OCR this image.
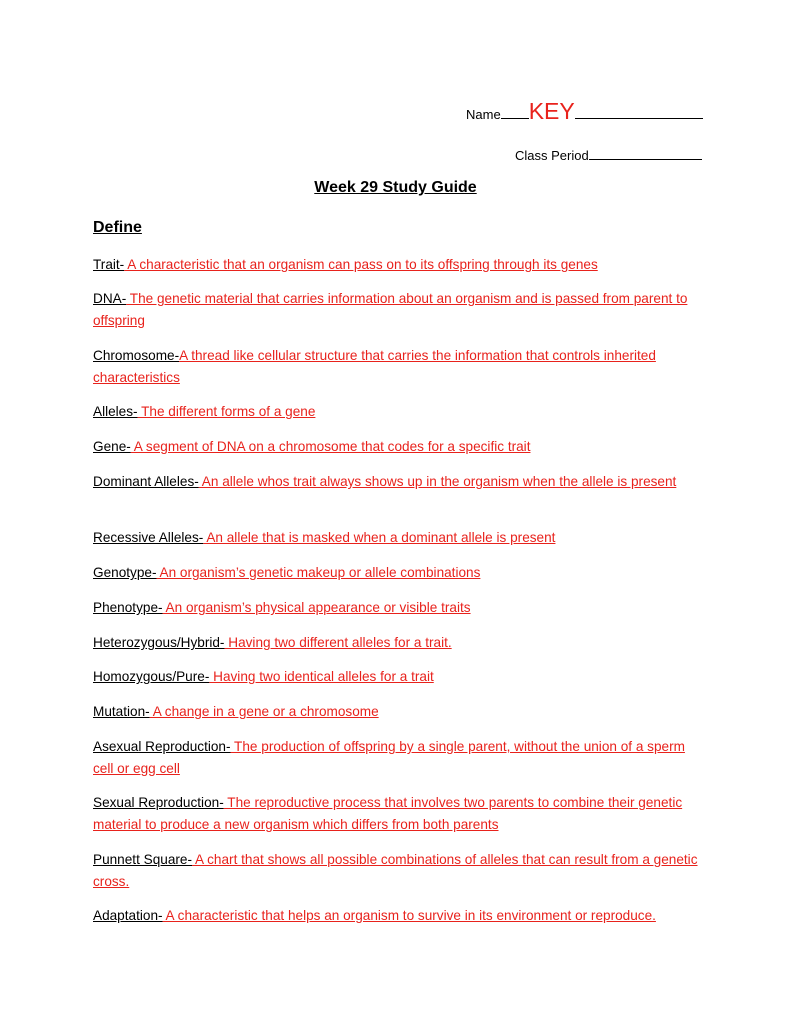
Name KEY
Class Period
Week 29 Study Guide
Define
Trait- A characteristic that an organism can pass on to its offspring through its genes
DNA- The genetic material that carries information about an organism and is passed from parent to offspring
Chromosome-A thread like cellular structure that carries the information that controls inherited characteristics
Alleles- The different forms of a gene
Gene- A segment of DNA on a chromosome that codes for a specific trait
Dominant Alleles- An allele whos trait always shows up in the organism when the allele is present
Recessive Alleles- An allele that is masked when a dominant allele is present
Genotype- An organism’s genetic makeup or allele combinations
Phenotype- An organism’s physical appearance or visible traits
Heterozygous/Hybrid- Having two different alleles for a trait.
Homozygous/Pure- Having two identical alleles for a trait
Mutation- A change in a gene or a chromosome
Asexual Reproduction- The production of offspring by a single parent, without the union of a sperm cell or egg cell
Sexual Reproduction- The reproductive process that involves two parents to combine their genetic material to produce a new organism which differs from both parents
Punnett Square- A chart that shows all possible combinations of alleles that can result from a genetic cross.
Adaptation- A characteristic that helps an organism to survive in its environment or reproduce.
